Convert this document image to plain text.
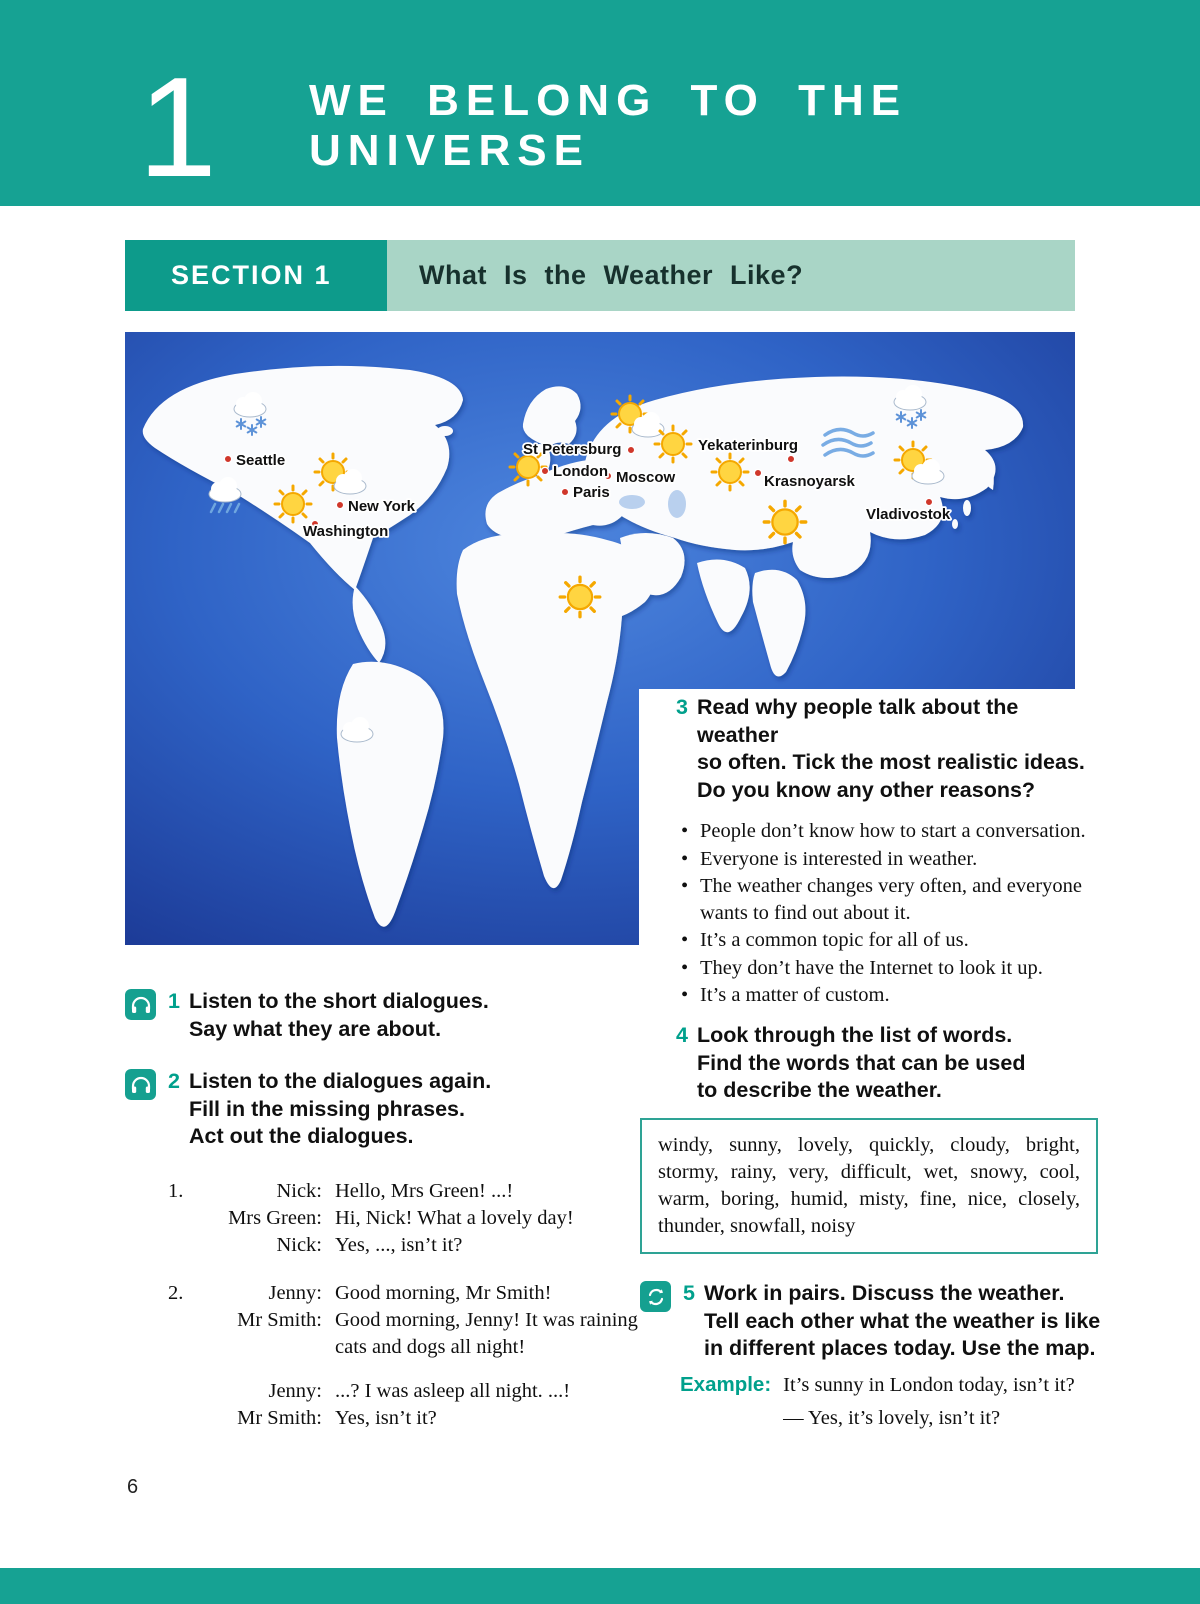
1 WE BELONG TO THE UNIVERSE
SECTION 1	What Is the Weather Like?
Seattle
New York
Washington
St Petersburg
London Moscow
Paris
Yekaterinburg
Krasnoyarsk
Vladivostok
3 Read why people talk about the weather
so often. Tick the most realistic ideas.
Do you know any other reasons?
• People don’t know how to start a conversation.
• Everyone is interested in weather.
• The weather changes very often, and everyone wants to find out about it.
• It’s a common topic for all of us.
• They don’t have the Internet to look it up.
• It’s a matter of custom.
1 Listen to the short dialogues.
Say what they are about.
2 Listen to the dialogues again.
Fill in the missing phrases.
Act out the dialogues.
1.	Nick: Hello, Mrs Green! ...!
Mrs Green: Hi, Nick! What a lovely day!
Nick: Yes, ..., isn’t it?
2.	Jenny: Good morning, Mr Smith!
Mr Smith: Good morning, Jenny! It was raining cats and dogs all night!
Jenny: ...? I was asleep all night. ...!
Mr Smith: Yes, isn’t it?
4 Look through the list of words.
Find the words that can be used
to describe the weather.
windy, sunny, lovely, quickly, cloudy, bright, stormy, rainy, very, difficult, wet, snowy, cool, warm, boring, humid, misty, fine, nice, closely, thunder, snowfall, noisy
5 Work in pairs. Discuss the weather.
Tell each other what the weather is like
in different places today. Use the map.
Example: It’s sunny in London today, isn’t it?
— Yes, it’s lovely, isn’t it?
6
